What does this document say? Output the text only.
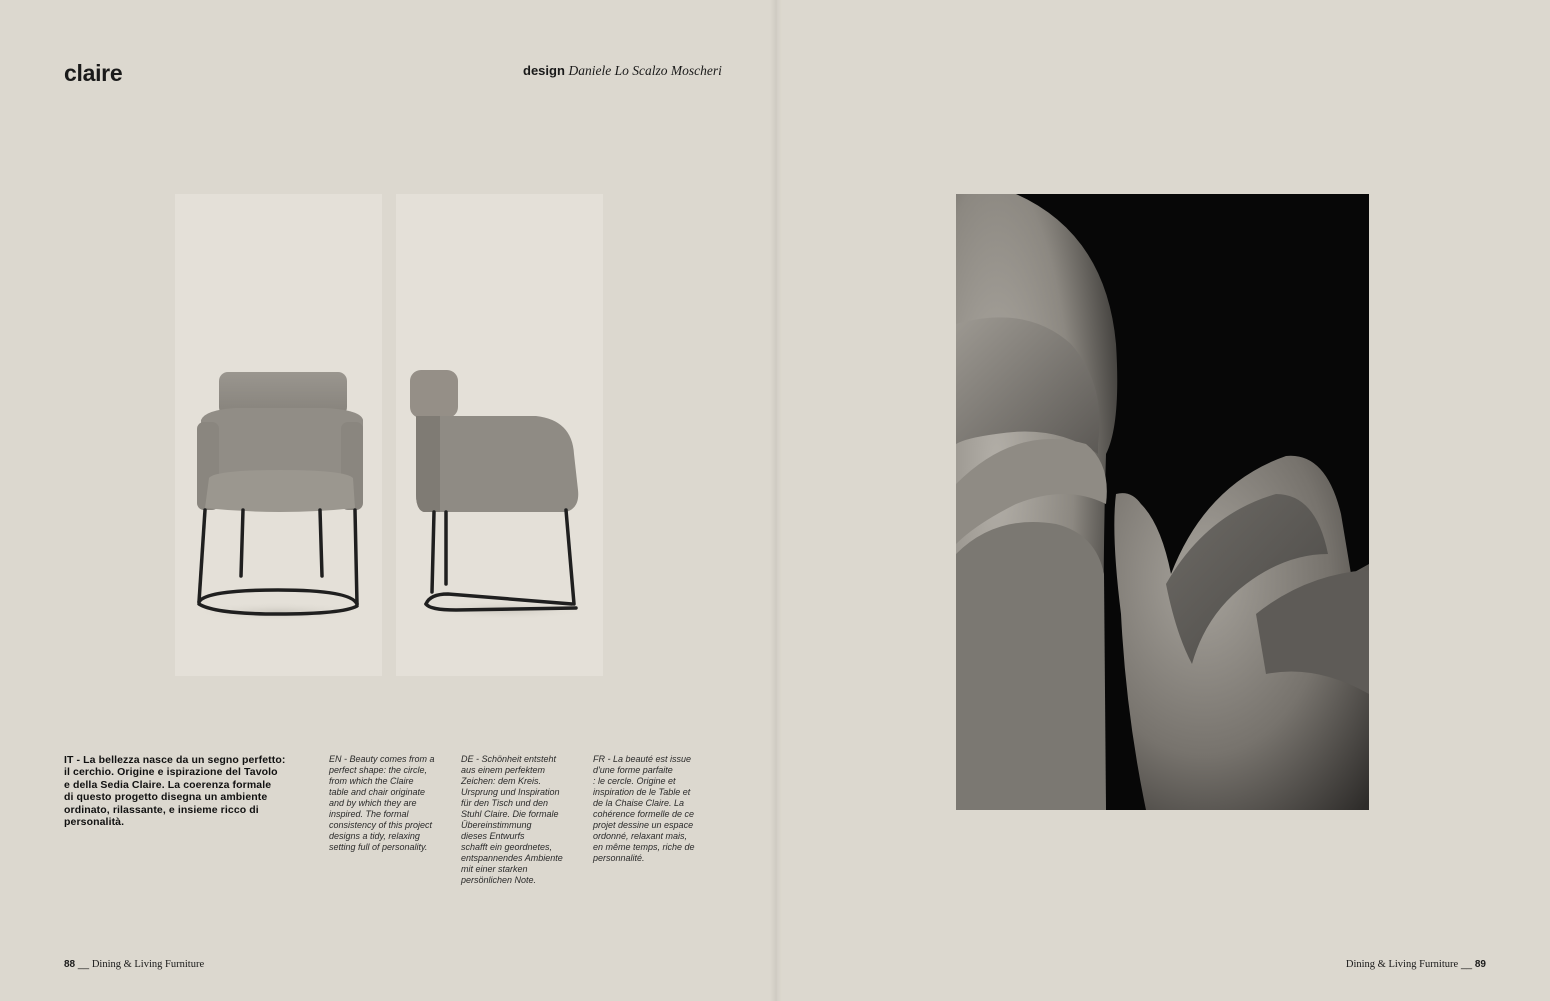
claire	design Daniele Lo Scalzo Moscheri
IT - La bellezza nasce da un segno perfetto:
il cerchio. Origine e ispirazione del Tavolo
e della Sedia Claire. La coerenza formale
di questo progetto disegna un ambiente
ordinato, rilassante, e insieme ricco di
personalità.
EN - Beauty comes from a
perfect shape: the circle,
from which the Claire
table and chair originate
and by which they are
inspired. The formal
consistency of this project
designs a tidy, relaxing
setting full of personality.
DE - Schönheit entsteht
aus einem perfektem
Zeichen: dem Kreis.
Ursprung und Inspiration
für den Tisch und den
Stuhl Claire. Die formale
Übereinstimmung
dieses Entwurfs
schafft ein geordnetes,
entspannendes Ambiente
mit einer starken
persönlichen Note.
FR - La beauté est issue
d'une forme parfaite
: le cercle. Origine et
inspiration de le Table et
de la Chaise Claire. La
cohérence formelle de ce
projet dessine un espace
ordonné, relaxant mais,
en même temps, riche de
personnalité.
88 __ Dining & Living Furniture	Dining & Living Furniture __ 89
